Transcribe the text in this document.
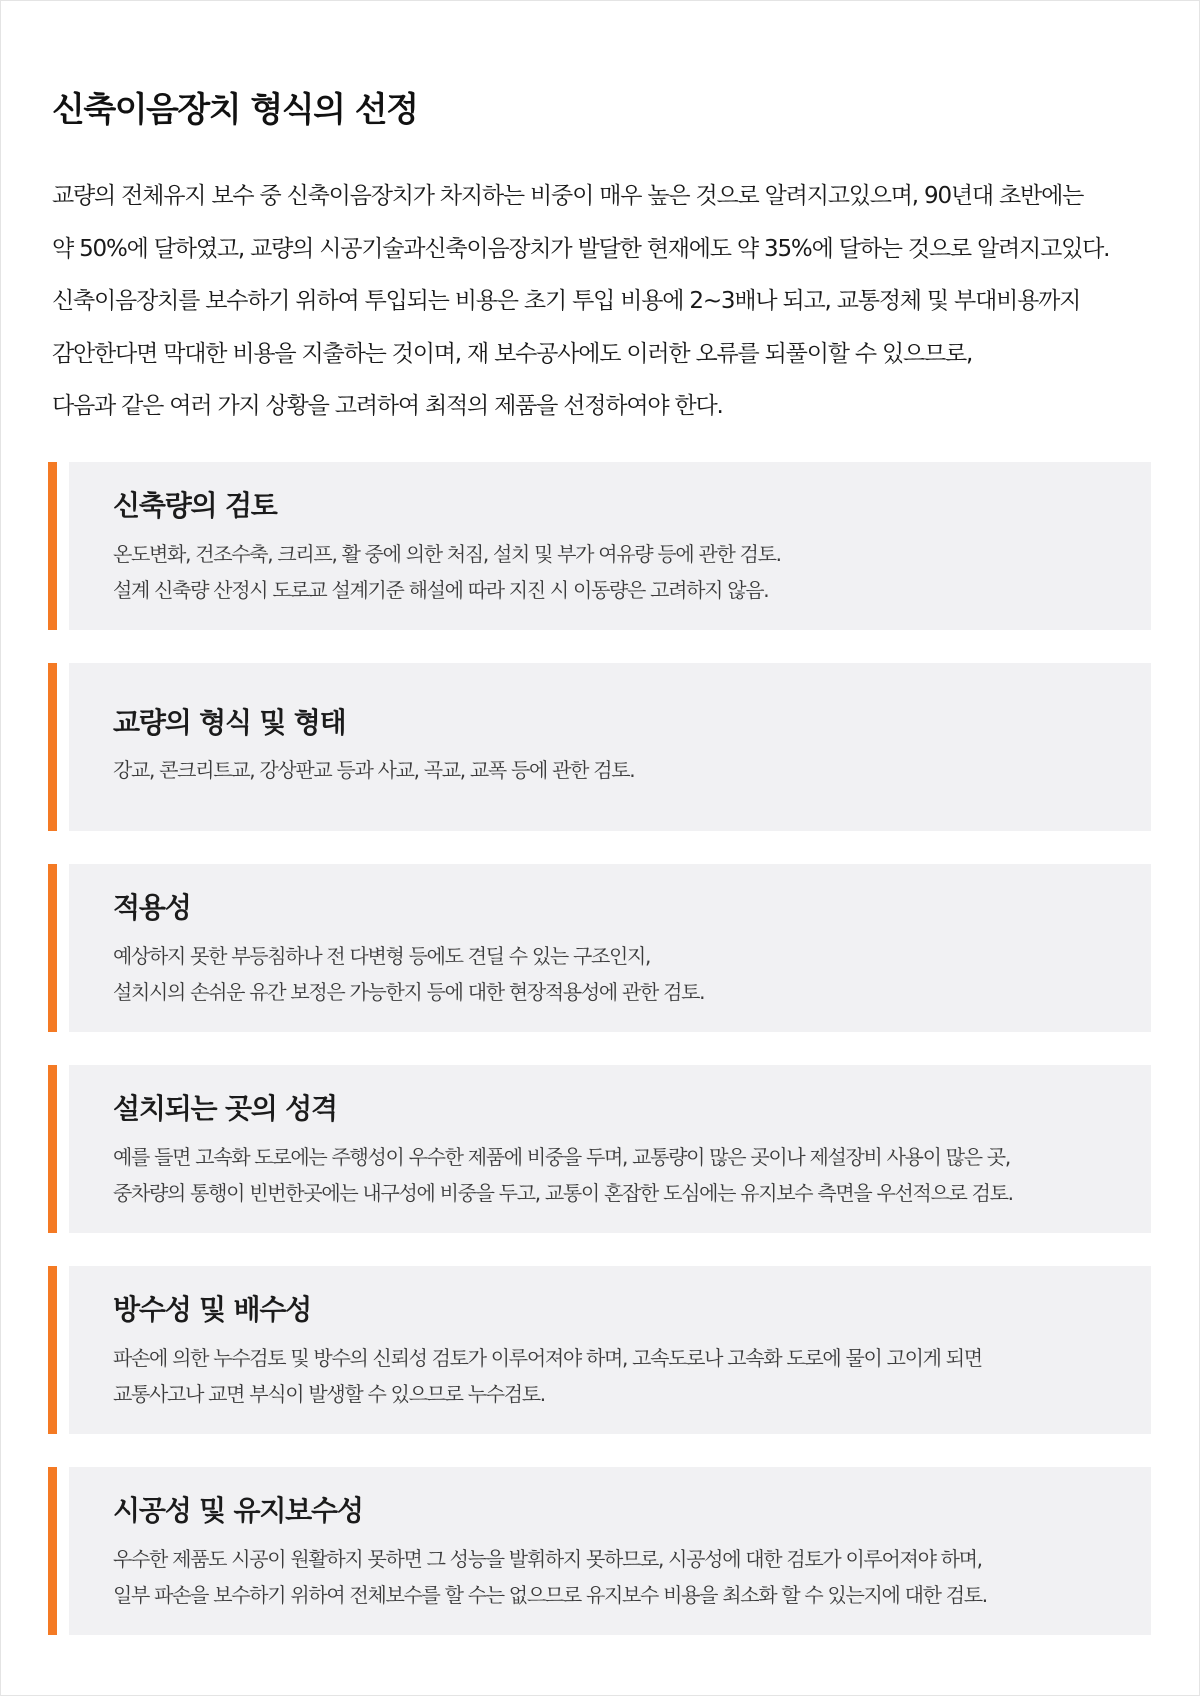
신축이음장치 형식의 선정
교량의 전체유지 보수 중 신축이음장치가 차지하는 비중이 매우 높은 것으로 알려지고있으며, 90년대 초반에는
약 50%에 달하였고, 교량의 시공기술과신축이음장치가 발달한 현재에도 약 35%에 달하는 것으로 알려지고있다.
신축이음장치를 보수하기 위하여 투입되는 비용은 초기 투입 비용에 2~3배나 되고, 교통정체 및 부대비용까지
감안한다면 막대한 비용을 지출하는 것이며, 재 보수공사에도 이러한 오류를 되풀이할 수 있으므로,
다음과 같은 여러 가지 상황을 고려하여 최적의 제품을 선정하여야 한다.
신축량의 검토
온도변화, 건조수축, 크리프, 활 중에 의한 처짐, 설치 및 부가 여유량 등에 관한 검토.
설계 신축량 산정시 도로교 설계기준 해설에 따라 지진 시 이동량은 고려하지 않음.
교량의 형식 및 형태
강교, 콘크리트교, 강상판교 등과 사교, 곡교, 교폭 등에 관한 검토.
적용성
예상하지 못한 부등침하나 전 다변형 등에도 견딜 수 있는 구조인지,
설치시의 손쉬운 유간 보정은 가능한지 등에 대한 현장적용성에 관한 검토.
설치되는 곳의 성격
예를 들면 고속화 도로에는 주행성이 우수한 제품에 비중을 두며, 교통량이 많은 곳이나 제설장비 사용이 많은 곳,
중차량의 통행이 빈번한곳에는 내구성에 비중을 두고, 교통이 혼잡한 도심에는 유지보수 측면을 우선적으로 검토.
방수성 및 배수성
파손에 의한 누수검토 및 방수의 신뢰성 검토가 이루어져야 하며, 고속도로나 고속화 도로에 물이 고이게 되면
교통사고나 교면 부식이 발생할 수 있으므로 누수검토.
시공성 및 유지보수성
우수한 제품도 시공이 원활하지 못하면 그 성능을 발휘하지 못하므로, 시공성에 대한 검토가 이루어져야 하며,
일부 파손을 보수하기 위하여 전체보수를 할 수는 없으므로 유지보수 비용을 최소화 할 수 있는지에 대한 검토.
